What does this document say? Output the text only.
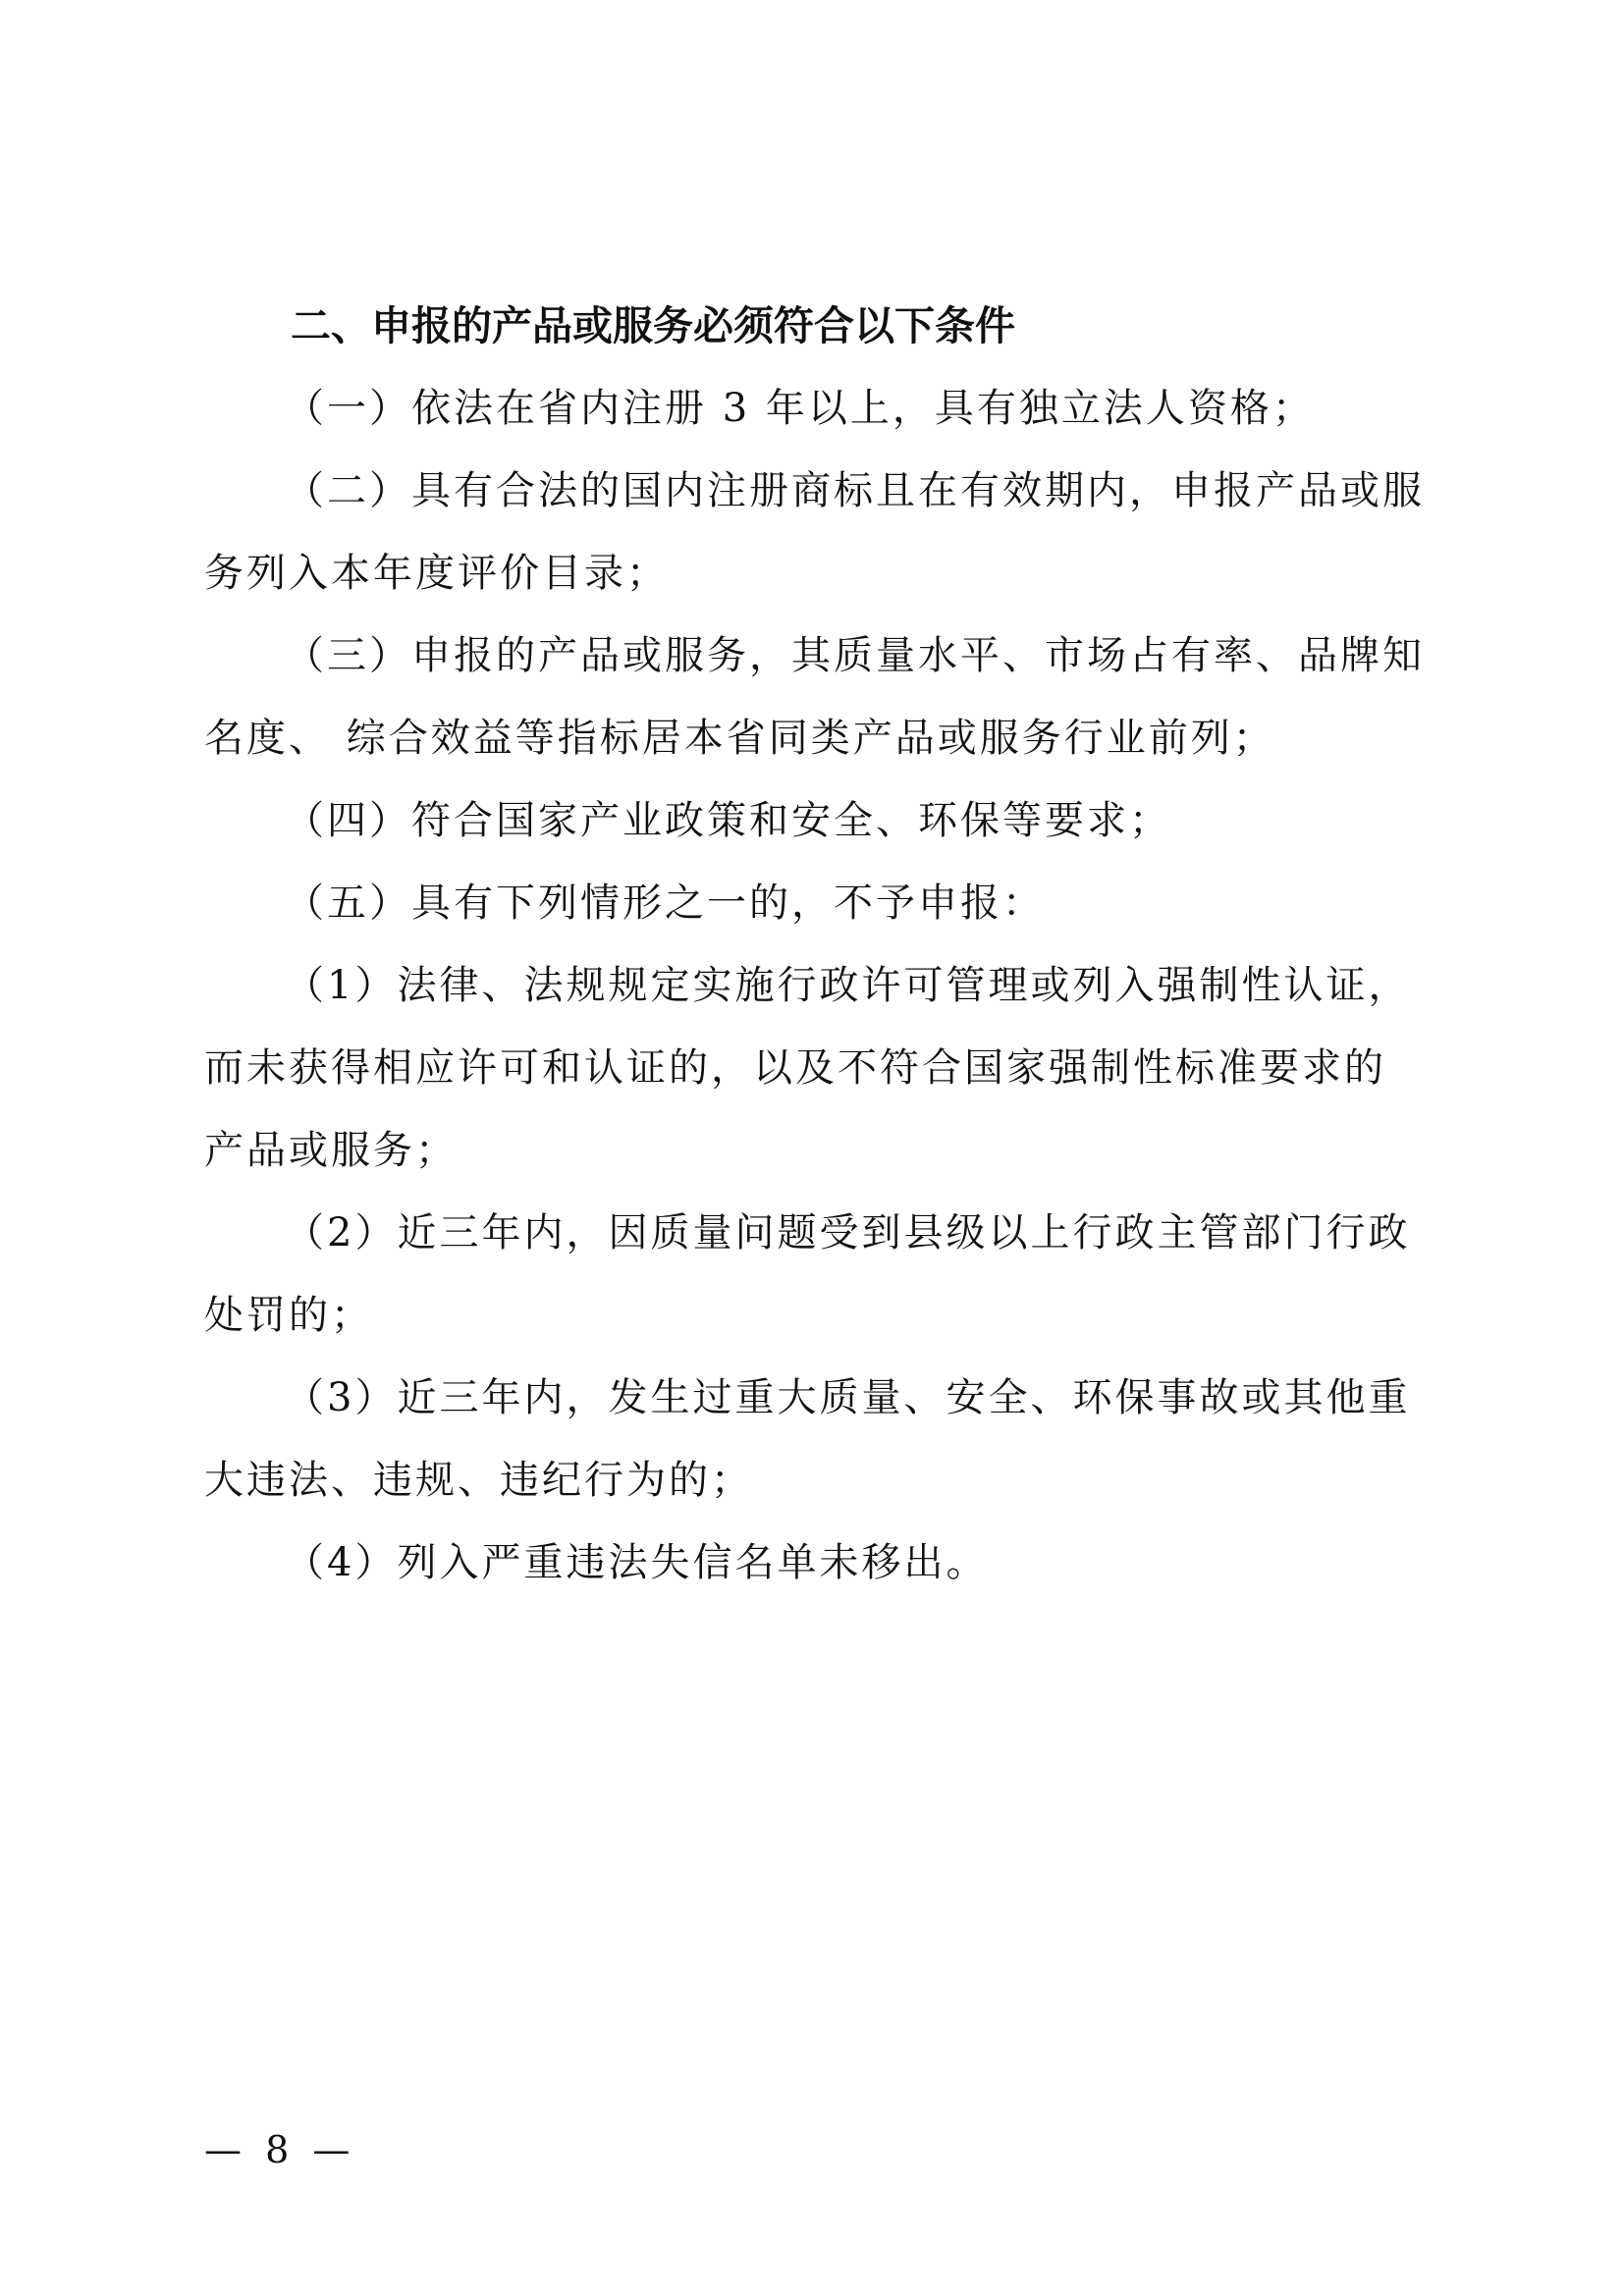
二、申报的产品或服务必须符合以下条件

（一）依法在省内注册 3 年以上，具有独立法人资格；

（二）具有合法的国内注册商标且在有效期内，申报产品或服务列入本年度评价目录；

（三）申报的产品或服务，其质量水平、市场占有率、品牌知名度、 综合效益等指标居本省同类产品或服务行业前列；

（四）符合国家产业政策和安全、环保等要求；

（五）具有下列情形之一的，不予申报：

（1）法律、法规规定实施行政许可管理或列入强制性认证，而未获得相应许可和认证的，以及不符合国家强制性标准要求的产品或服务；

（2）近三年内，因质量问题受到县级以上行政主管部门行政处罚的；

（3）近三年内，发生过重大质量、安全、环保事故或其他重大违法、违规、违纪行为的；

（4）列入严重违法失信名单未移出。

— 8 —
